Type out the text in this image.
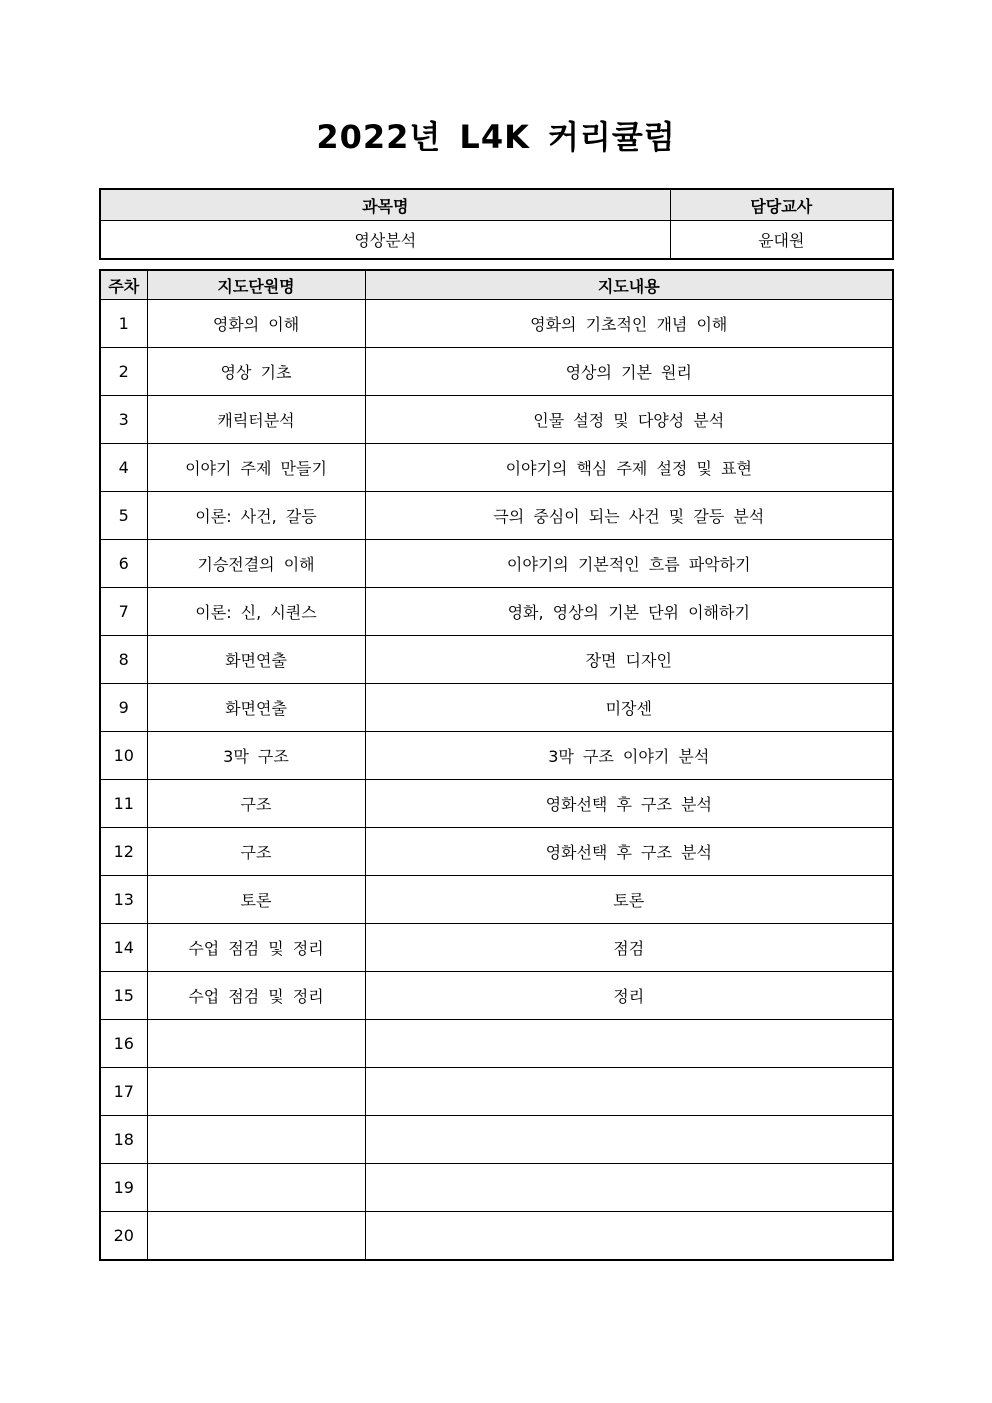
2022년 L4K 커리큘럼
과목명	담당교사
영상분석	윤대원
주차	지도단원명	지도내용
1	영화의 이해	영화의 기초적인 개념 이해
2	영상 기초	영상의 기본 원리
3	캐릭터분석	인물 설정 및 다양성 분석
4	이야기 주제 만들기	이야기의 핵심 주제 설정 및 표현
5	이론: 사건, 갈등	극의 중심이 되는 사건 및 갈등 분석
6	기승전결의 이해	이야기의 기본적인 흐름 파악하기
7	이론: 신, 시퀀스	영화, 영상의 기본 단위 이해하기
8	화면연출	장면 디자인
9	화면연출	미장센
10	3막 구조	3막 구조 이야기 분석
11	구조	영화선택 후 구조 분석
12	구조	영화선택 후 구조 분석
13	토론	토론
14	수업 점검 및 정리	점검
15	수업 점검 및 정리	정리
16		
17		
18		
19		
20		
